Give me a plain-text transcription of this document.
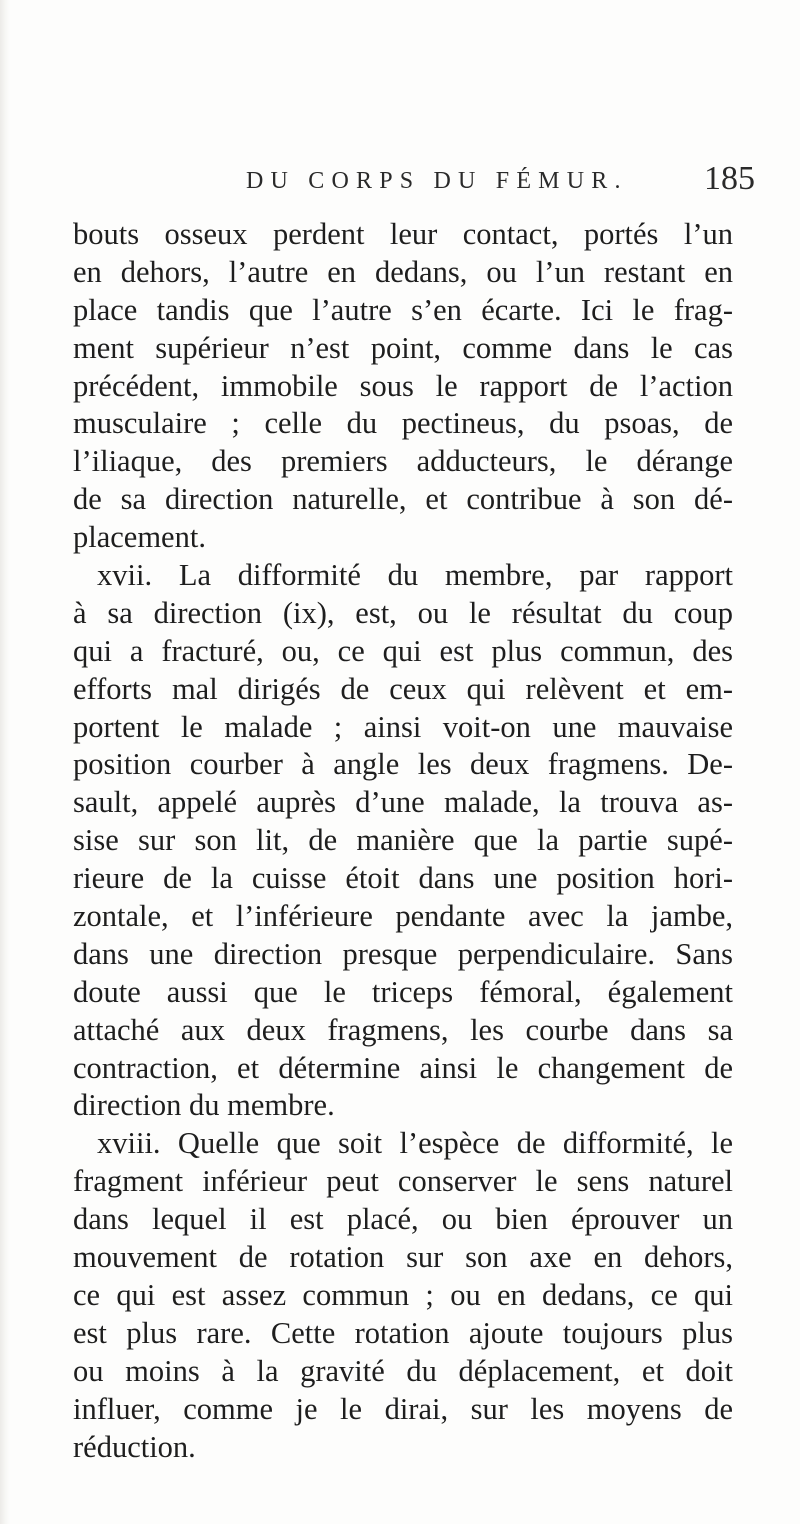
DU CORPS DU FÉMUR. 185
bouts osseux perdent leur contact, portés l’un
en dehors, l’autre en dedans, ou l’un restant en
place tandis que l’autre s’en écarte. Ici le frag-
ment supérieur n’est point, comme dans le cas
précédent, immobile sous le rapport de l’action
musculaire ; celle du pectineus, du psoas, de
l’iliaque, des premiers adducteurs, le dérange
de sa direction naturelle, et contribue à son dé-
placement.
xvii. La difformité du membre, par rapport
à sa direction (ix), est, ou le résultat du coup
qui a fracturé, ou, ce qui est plus commun, des
efforts mal dirigés de ceux qui relèvent et em-
portent le malade ; ainsi voit-on une mauvaise
position courber à angle les deux fragmens. De-
sault, appelé auprès d’une malade, la trouva as-
sise sur son lit, de manière que la partie supé-
rieure de la cuisse étoit dans une position hori-
zontale, et l’inférieure pendante avec la jambe,
dans une direction presque perpendiculaire. Sans
doute aussi que le triceps fémoral, également
attaché aux deux fragmens, les courbe dans sa
contraction, et détermine ainsi le changement de
direction du membre.
xviii. Quelle que soit l’espèce de difformité, le
fragment inférieur peut conserver le sens naturel
dans lequel il est placé, ou bien éprouver un
mouvement de rotation sur son axe en dehors,
ce qui est assez commun ; ou en dedans, ce qui
est plus rare. Cette rotation ajoute toujours plus
ou moins à la gravité du déplacement, et doit
influer, comme je le dirai, sur les moyens de
réduction.
